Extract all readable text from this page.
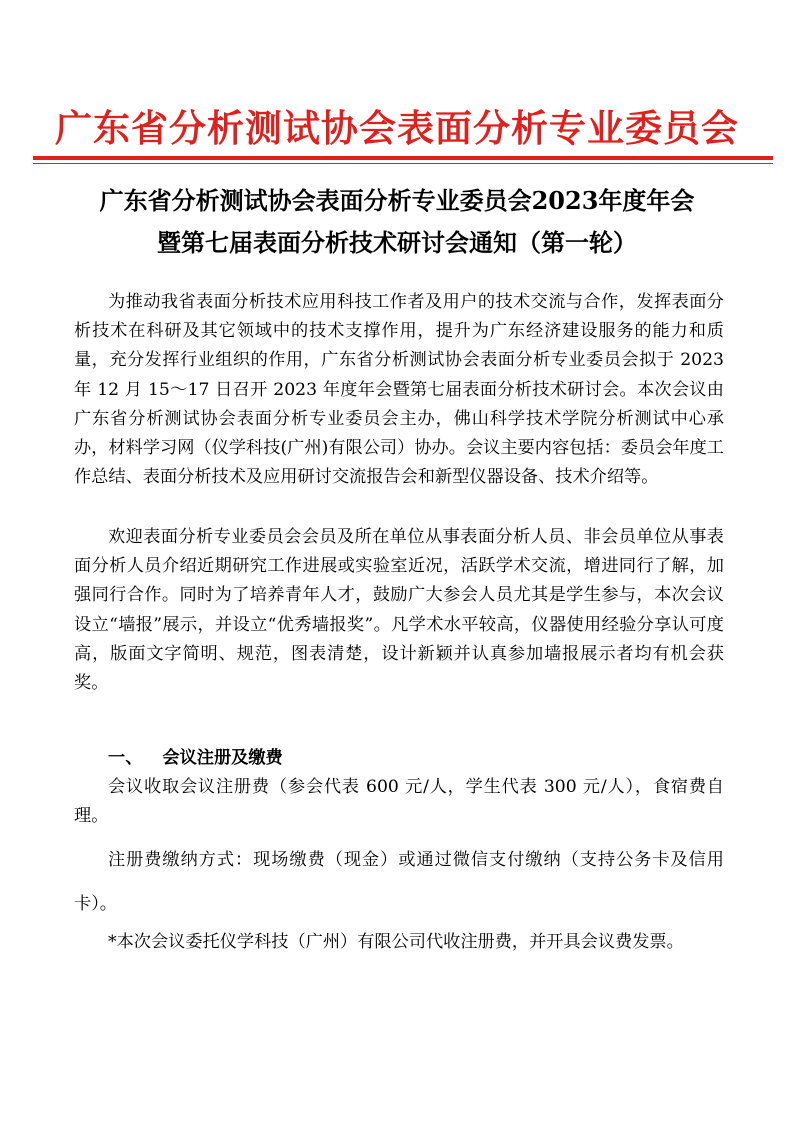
广东省分析测试协会表面分析专业委员会
广东省分析测试协会表面分析专业委员会2023年度年会
暨第七届表面分析技术研讨会通知（第一轮）
为推动我省表面分析技术应用科技工作者及用户的技术交流与合作，发挥表面分析技术在科研及其它领域中的技术支撑作用，提升为广东经济建设服务的能力和质量，充分发挥行业组织的作用，广东省分析测试协会表面分析专业委员会拟于 2023 年 12 月 15～17 日召开 2023 年度年会暨第七届表面分析技术研讨会。本次会议由广东省分析测试协会表面分析专业委员会主办，佛山科学技术学院分析测试中心承办，材料学习网（仪学科技(广州)有限公司）协办。会议主要内容包括：委员会年度工作总结、表面分析技术及应用研讨交流报告会和新型仪器设备、技术介绍等。
欢迎表面分析专业委员会会员及所在单位从事表面分析人员、非会员单位从事表面分析人员介绍近期研究工作进展或实验室近况，活跃学术交流，增进同行了解，加强同行合作。同时为了培养青年人才，鼓励广大参会人员尤其是学生参与，本次会议设立“墙报”展示，并设立“优秀墙报奖”。凡学术水平较高，仪器使用经验分享认可度高，版面文字简明、规范，图表清楚，设计新颖并认真参加墙报展示者均有机会获奖。
一、 会议注册及缴费
会议收取会议注册费（参会代表 600 元/人，学生代表 300 元/人），食宿费自理。
注册费缴纳方式：现场缴费（现金）或通过微信支付缴纳（支持公务卡及信用卡）。
*本次会议委托仪学科技（广州）有限公司代收注册费，并开具会议费发票。
